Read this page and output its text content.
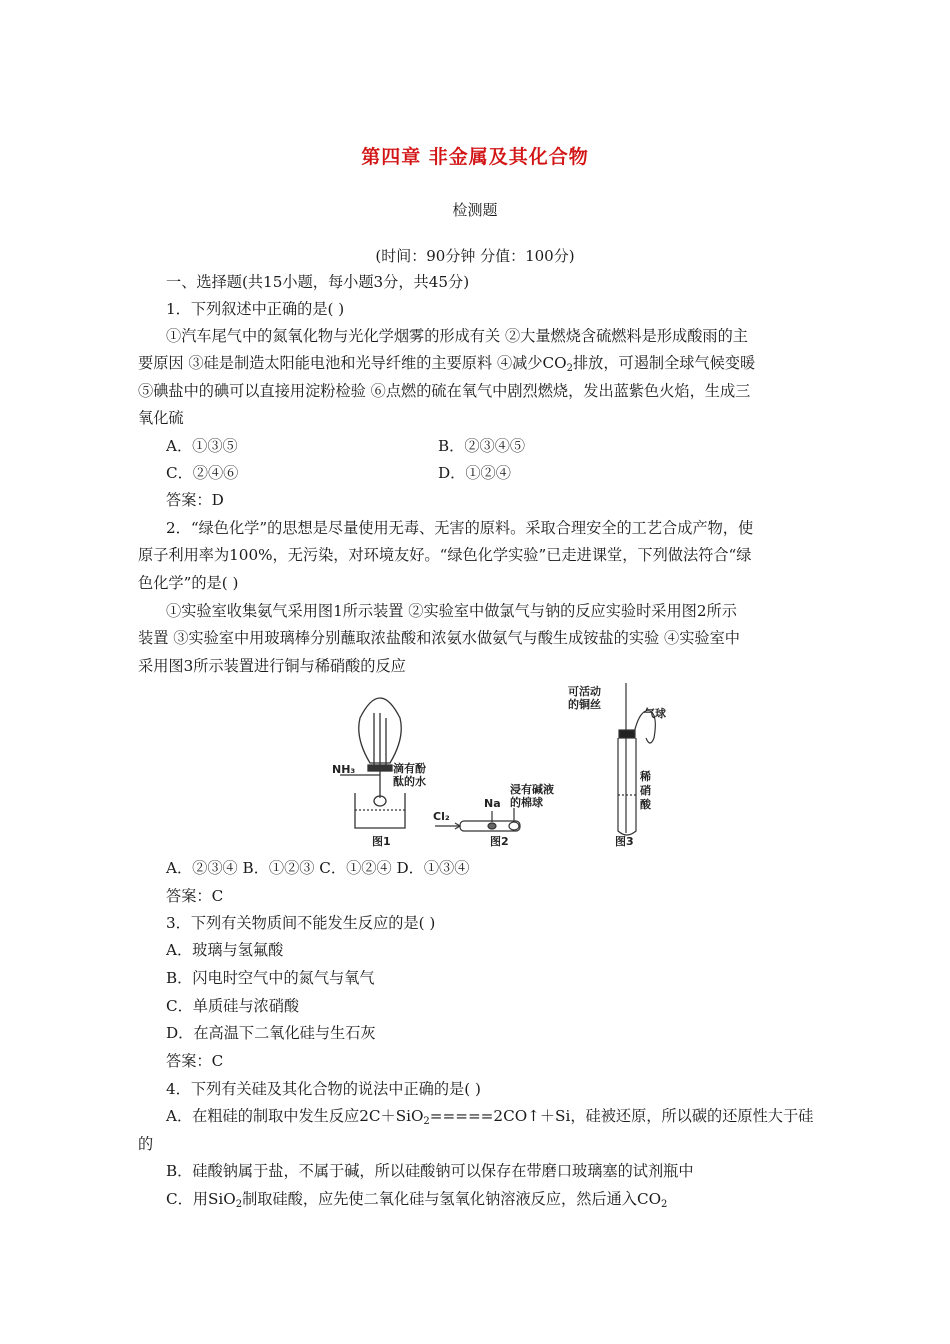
第四章 非金属及其化合物
检测题
(时间：90分钟 分值：100分)
一、选择题(共15小题，每小题3分，共45分)
1．下列叙述中正确的是( )
①汽车尾气中的氮氧化物与光化学烟雾的形成有关 ②大量燃烧含硫燃料是形成酸雨的主
要原因 ③硅是制造太阳能电池和光导纤维的主要原料 ④减少$CO_2$排放，可遏制全球气候变暖
⑤碘盐中的碘可以直接用淀粉检验 ⑥点燃的硫在氧气中剧烈燃烧，发出蓝紫色火焰，生成三
氧化硫
A．①③⑤	B．②③④⑤
C．②④⑥	D．①②④
答案：D
2．“绿色化学”的思想是尽量使用无毒、无害的原料。采取合理安全的工艺合成产物，使
原子利用率为100%，无污染，对环境友好。“绿色化学实验”已走进课堂，下列做法符合“绿
色化学”的是( )
①实验室收集氨气采用图1所示装置 ②实验室中做氯气与钠的反应实验时采用图2所示
装置 ③实验室中用玻璃棒分别蘸取浓盐酸和浓氨水做氨气与酸生成铵盐的实验 ④实验室中
采用图3所示装置进行铜与稀硝酸的反应
NH₃	滴有酚
酞的水
图1
Cl₂
Na
浸有碱液
的棉球
图2
可活动
的铜丝
气球
稀
硝
酸
图3
A．②③④ B．①②③ C．①②④ D．①③④
答案：C
3．下列有关物质间不能发生反应的是( )
A．玻璃与氢氟酸
B．闪电时空气中的氮气与氧气
C．单质硅与浓硝酸
D．在高温下二氧化硅与生石灰
答案：C
4．下列有关硅及其化合物的说法中正确的是( )
A．在粗硅的制取中发生反应2C＋SiO$_2$=====2CO↑＋Si，硅被还原，所以碳的还原性大于硅
的
B．硅酸钠属于盐，不属于碱，所以硅酸钠可以保存在带磨口玻璃塞的试剂瓶中
C．用SiO$_2$制取硅酸，应先使二氧化硅与氢氧化钠溶液反应，然后通入$CO_2$
